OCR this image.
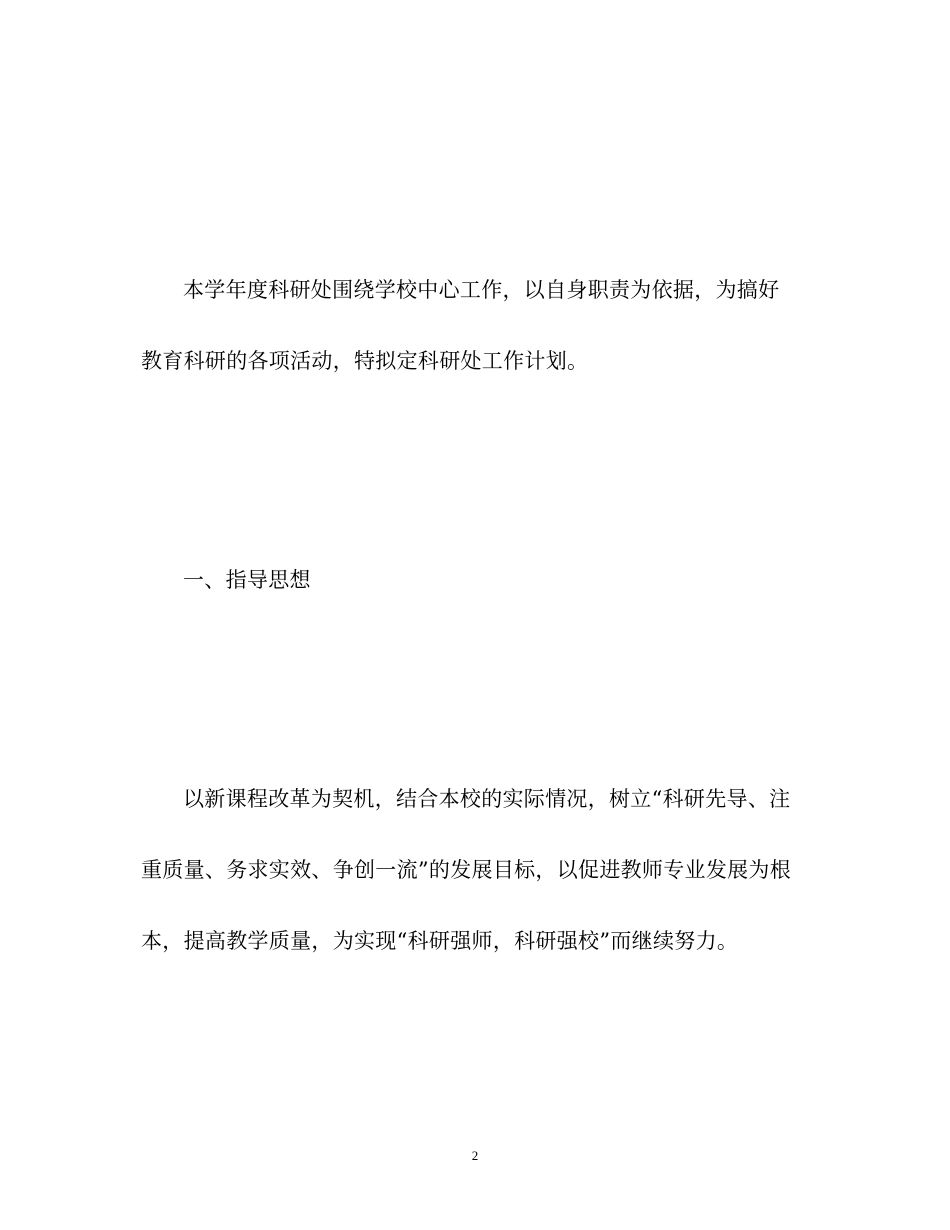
本学年度科研处围绕学校中心工作，以自身职责为依据，为搞好
教育科研的各项活动，特拟定科研处工作计划。
一、指导思想
以新课程改革为契机，结合本校的实际情况，树立“科研先导、注
重质量、务求实效、争创一流”的发展目标，以促进教师专业发展为根
本，提高教学质量，为实现“科研强师，科研强校”而继续努力。
2
